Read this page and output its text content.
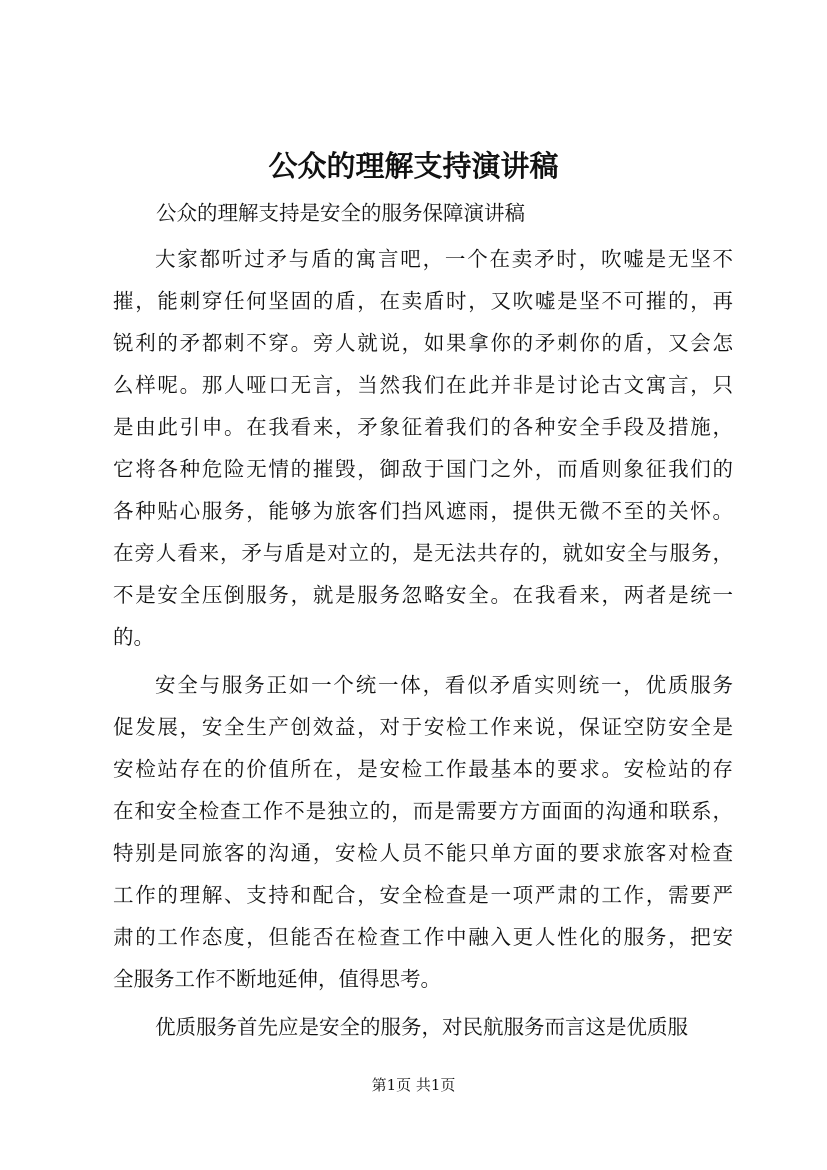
公众的理解支持演讲稿

公众的理解支持是安全的服务保障演讲稿

大家都听过矛与盾的寓言吧，一个在卖矛时，吹嘘是无坚不
摧，能刺穿任何坚固的盾，在卖盾时，又吹嘘是坚不可摧的，再
锐利的矛都刺不穿。旁人就说，如果拿你的矛刺你的盾，又会怎
么样呢。那人哑口无言，当然我们在此并非是讨论古文寓言，只
是由此引申。在我看来，矛象征着我们的各种安全手段及措施，
它将各种危险无情的摧毁，御敌于国门之外，而盾则象征我们的
各种贴心服务，能够为旅客们挡风遮雨，提供无微不至的关怀。
在旁人看来，矛与盾是对立的，是无法共存的，就如安全与服务，
不是安全压倒服务，就是服务忽略安全。在我看来，两者是统一
的。
安全与服务正如一个统一体，看似矛盾实则统一，优质服务
促发展，安全生产创效益，对于安检工作来说，保证空防安全是
安检站存在的价值所在，是安检工作最基本的要求。安检站的存
在和安全检查工作不是独立的，而是需要方方面面的沟通和联系，
特别是同旅客的沟通，安检人员不能只单方面的要求旅客对检查
工作的理解、支持和配合，安全检查是一项严肃的工作，需要严
肃的工作态度，但能否在检查工作中融入更人性化的服务，把安
全服务工作不断地延伸，值得思考。
优质服务首先应是安全的服务，对民航服务而言这是优质服
第1页 共1页
